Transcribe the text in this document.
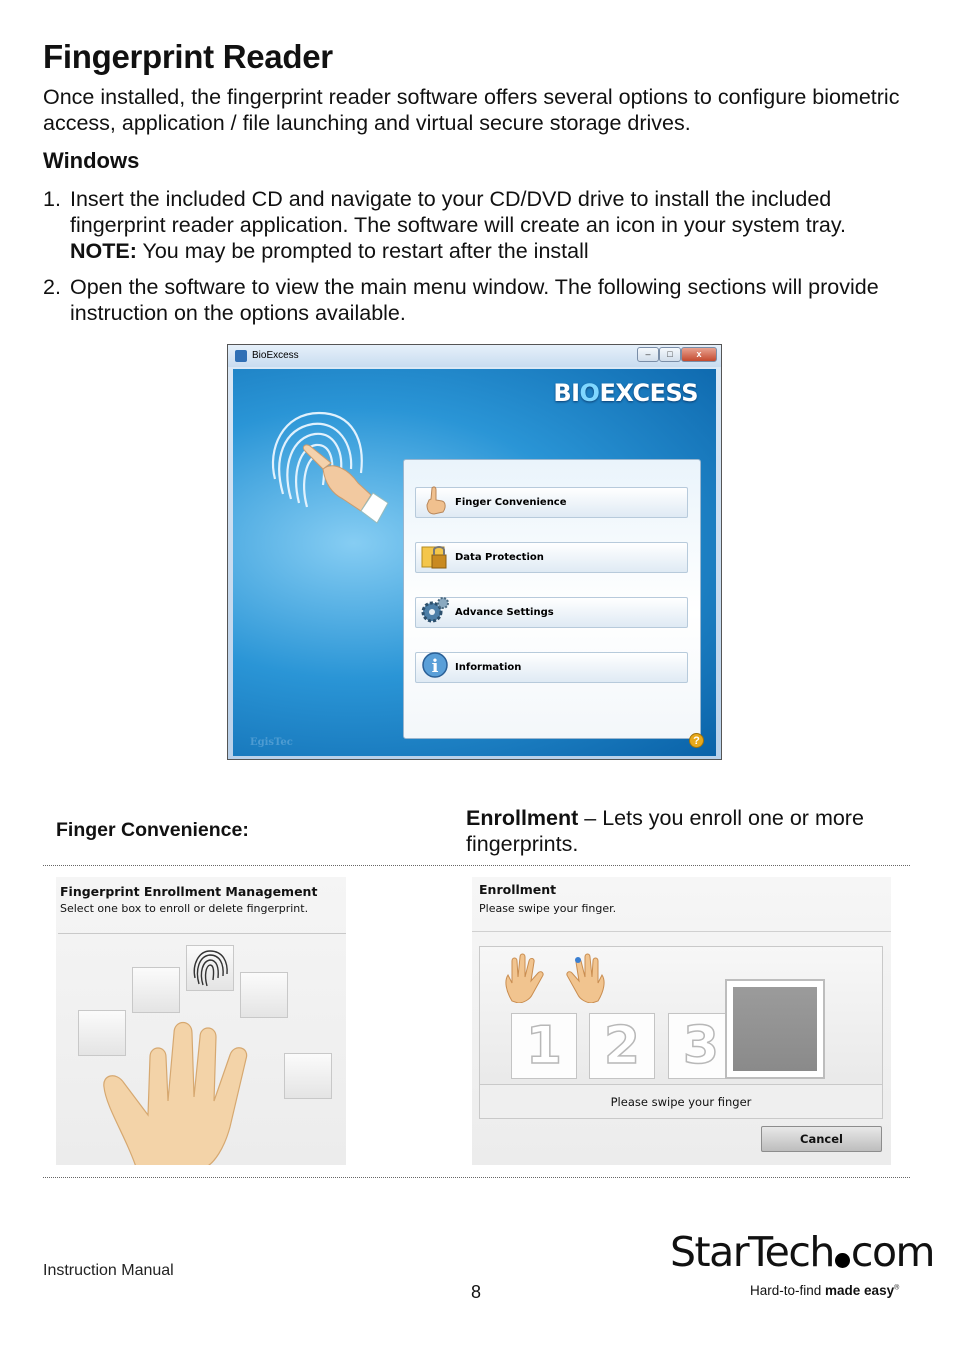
Fingerprint Reader
Once installed, the fingerprint reader software offers several options to configure biometric access, application / file launching and virtual secure storage drives.
Windows
1. Insert the included CD and navigate to your CD/DVD drive to install the included fingerprint reader application. The software will create an icon in your system tray.
NOTE: You may be prompted to restart after the install
2. Open the software to view the main menu window. The following sections will provide instruction on the options available.
BioExcess	–	□	x
BIOEXCESS
Finger Convenience
Data Protection
Advance Settings
i Information
EgisTec	?
Finger Convenience:	Enrollment – Lets you enroll one or more fingerprints.
Fingerprint Enrollment Management
Select one box to enroll or delete fingerprint.
Enrollment
Please swipe your finger.
1 2 3
Please swipe your finger
Cancel
Instruction Manual
8
StarTech com
Hard-to-find made easy®
